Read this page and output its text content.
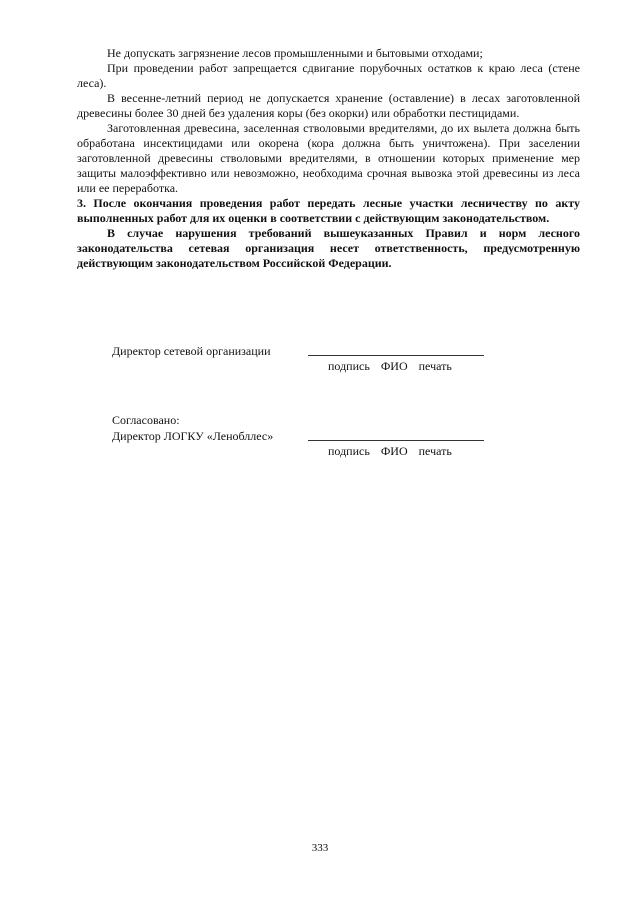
Не допускать загрязнение лесов промышленными и бытовыми отходами;

При проведении работ запрещается сдвигание порубочных остатков к краю леса (стене леса).

В весенне-летний период не допускается хранение (оставление) в лесах заготовленной древесины более 30 дней без удаления коры (без окорки) или обработки пестицидами.

Заготовленная древесина, заселенная стволовыми вредителями, до их вылета должна быть обработана инсектицидами или окорена (кора должна быть уничтожена). При заселении заготовленной древесины стволовыми вредителями, в отношении которых применение мер защиты малоэффективно или невозможно, необходима срочная вывозка этой древесины из леса или ее переработка.

3. После окончания проведения работ передать лесные участки лесничеству по акту выполненных работ для их оценки в соответствии с действующим законодательством.

В случае нарушения требований вышеуказанных Правил и норм лесного законодательства сетевая организация несет ответственность, предусмотренную действующим законодательством Российской Федерации.

Директор сетевой организации
подпись ФИО печать
Согласовано:
Директор ЛОГКУ «Ленобллес»
подпись ФИО печать
333
